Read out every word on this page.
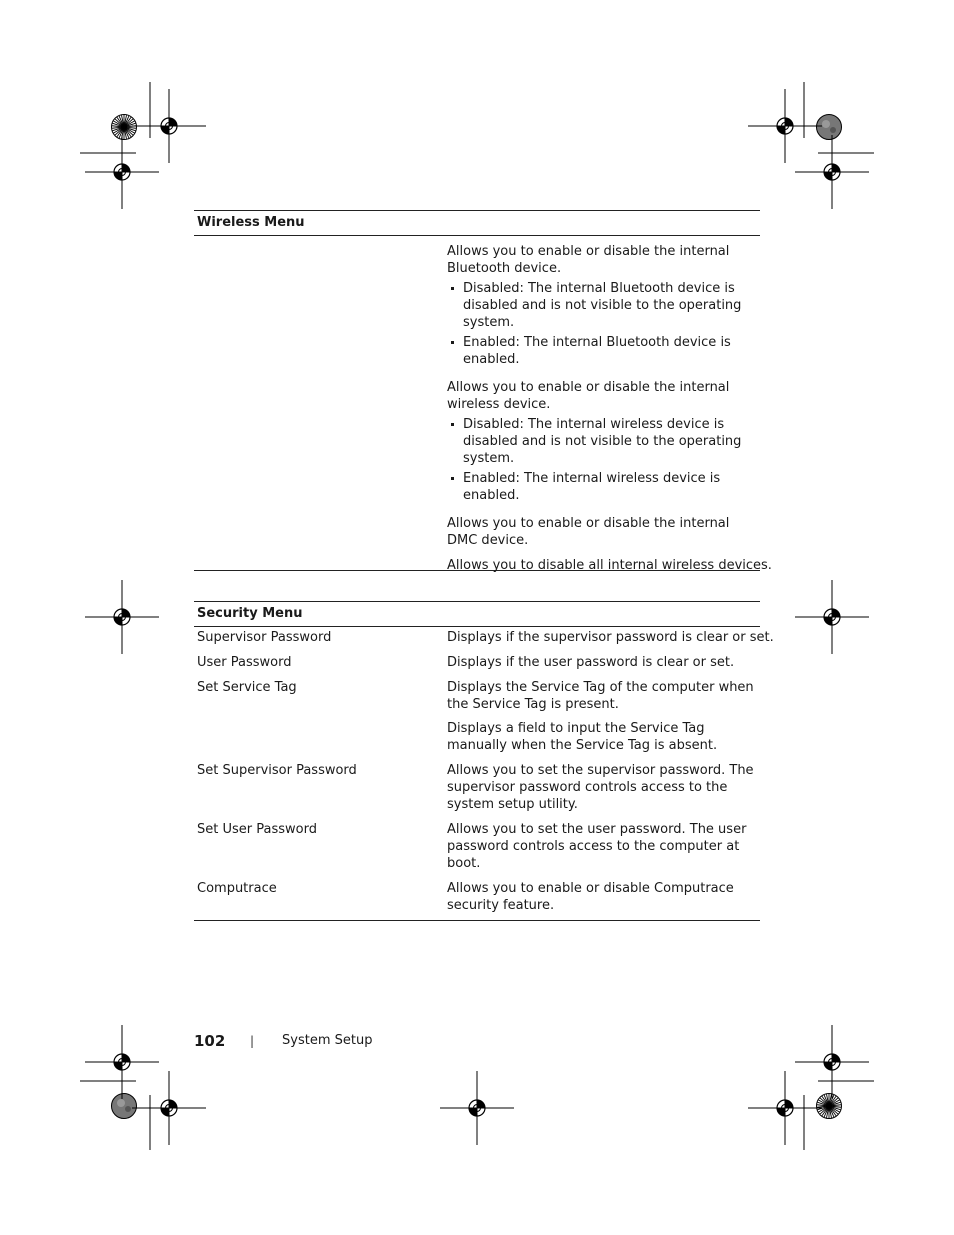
Wireless Menu

Allows you to enable or disable the internal Bluetooth device.

Disabled: The internal Bluetooth device is disabled and is not visible to the operating system.
Enabled: The internal Bluetooth device is enabled.

Allows you to enable or disable the internal wireless device.

Disabled: The internal wireless device is disabled and is not visible to the operating system.
Enabled: The internal wireless device is enabled.

Allows you to enable or disable the internal DMC device.

Allows you to disable all internal wireless devices.

Security Menu
Supervisor Password	Displays if the supervisor password is clear or set.

User Password	Displays if the user password is clear or set.

Set Service Tag	Displays the Service Tag of the computer when the Service Tag is present.

Displays a field to input the Service Tag manually when the Service Tag is absent.

Set Supervisor Password	Allows you to set the supervisor password. The supervisor password controls access to the system setup utility.

Set User Password	Allows you to set the user password. The user password controls access to the computer at boot.

Computrace	Allows you to enable or disable Computrace security feature.

102 | System Setup
